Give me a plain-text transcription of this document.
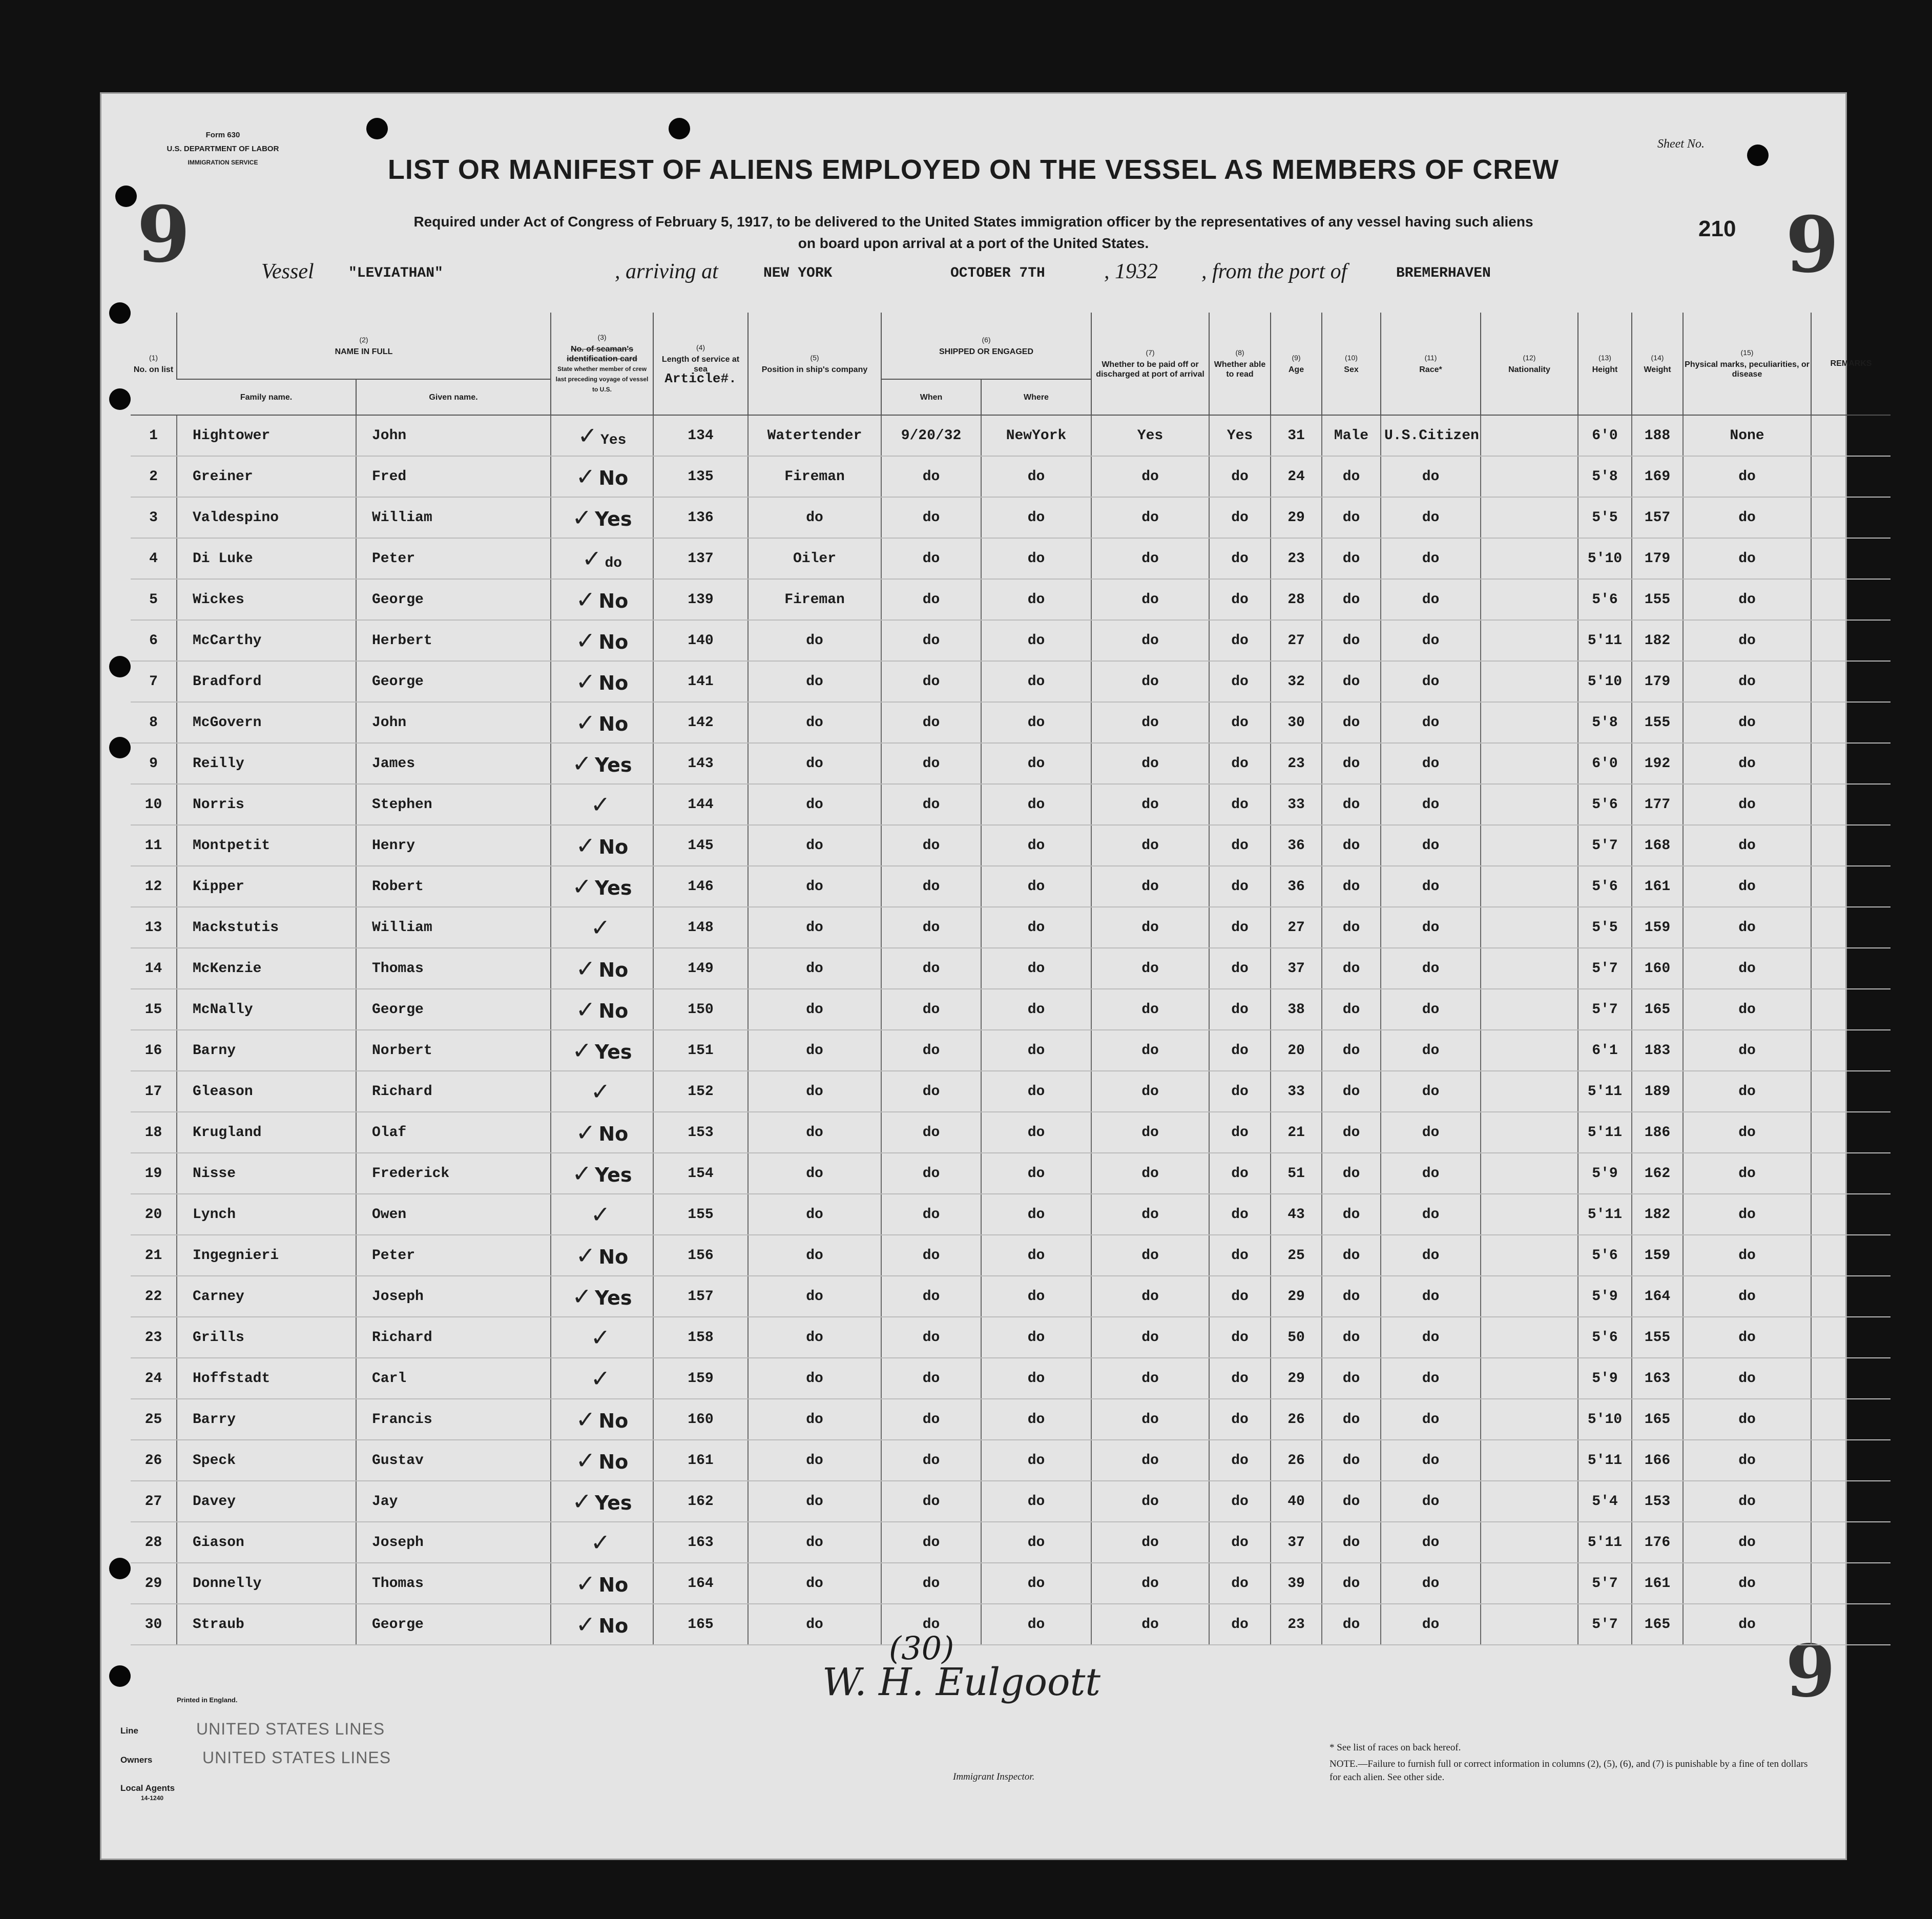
Form 630
U.S. DEPARTMENT OF LABOR
IMMIGRATION SERVICE
9	9
9
Sheet No.
210
LIST OR MANIFEST OF ALIENS EMPLOYED ON THE VESSEL AS MEMBERS OF CREW
Required under Act of Congress of February 5, 1917, to be delivered to the United States immigration officer by the representatives of any vessel having such aliens
on board upon arrival at a port of the United States.
Vessel "LEVIATHAN"	, arriving at	NEW YORK	OCTOBER 7TH	, 1932 , from the port of	BREMERHAVEN
(1)
No. on list	(2)
NAME IN FULL		(3)
No. of seaman's identification card
State whether member of crew last preceding voyage of vessel to U.S.	(4)
Length of service at sea
Article#.	(5)
Position in ship's company	(6)
SHIPPED OR ENGAGED		(7)
Whether to be paid off or discharged at port of arrival	(8)
Whether able to read	(9)
Age	(10)
Sex	(11)
Race*	(12)
Nationality	(13)
Height	(14)
Weight	(15)
Physical marks, peculiarities, or disease	REMARKS
	Family name.	Given name.				When	Where										
1	Hightower	John	✓ Yes	134	Watertender	9/20/32	NewYork	Yes	Yes	31	Male	U.S.Citizen		6'0	188	None	
2	Greiner	Fred	✓ No	135	Fireman	do	do	do	do	24	do	do		5'8	169	do	
3	Valdespino	William	✓ Yes	136	do	do	do	do	do	29	do	do		5'5	157	do	
4	Di Luke	Peter	✓ do	137	Oiler	do	do	do	do	23	do	do		5'10	179	do	
5	Wickes	George	✓ No	139	Fireman	do	do	do	do	28	do	do		5'6	155	do	
6	McCarthy	Herbert	✓ No	140	do	do	do	do	do	27	do	do		5'11	182	do	
7	Bradford	George	✓ No	141	do	do	do	do	do	32	do	do		5'10	179	do	
8	McGovern	John	✓ No	142	do	do	do	do	do	30	do	do		5'8	155	do	
9	Reilly	James	✓ Yes	143	do	do	do	do	do	23	do	do		6'0	192	do	
10	Norris	Stephen	✓	144	do	do	do	do	do	33	do	do		5'6	177	do	
11	Montpetit	Henry	✓ No	145	do	do	do	do	do	36	do	do		5'7	168	do	
12	Kipper	Robert	✓ Yes	146	do	do	do	do	do	36	do	do		5'6	161	do	
13	Mackstutis	William	✓	148	do	do	do	do	do	27	do	do		5'5	159	do	
14	McKenzie	Thomas	✓ No	149	do	do	do	do	do	37	do	do		5'7	160	do	
15	McNally	George	✓ No	150	do	do	do	do	do	38	do	do		5'7	165	do	
16	Barny	Norbert	✓ Yes	151	do	do	do	do	do	20	do	do		6'1	183	do	
17	Gleason	Richard	✓	152	do	do	do	do	do	33	do	do		5'11	189	do	
18	Krugland	Olaf	✓ No	153	do	do	do	do	do	21	do	do		5'11	186	do	
19	Nisse	Frederick	✓ Yes	154	do	do	do	do	do	51	do	do		5'9	162	do	
20	Lynch	Owen	✓	155	do	do	do	do	do	43	do	do		5'11	182	do	
21	Ingegnieri	Peter	✓ No	156	do	do	do	do	do	25	do	do		5'6	159	do	
22	Carney	Joseph	✓ Yes	157	do	do	do	do	do	29	do	do		5'9	164	do	
23	Grills	Richard	✓	158	do	do	do	do	do	50	do	do		5'6	155	do	
24	Hoffstadt	Carl	✓	159	do	do	do	do	do	29	do	do		5'9	163	do	
25	Barry	Francis	✓ No	160	do	do	do	do	do	26	do	do		5'10	165	do	
26	Speck	Gustav	✓ No	161	do	do	do	do	do	26	do	do		5'11	166	do	
27	Davey	Jay	✓ Yes	162	do	do	do	do	do	40	do	do		5'4	153	do	
28	Giason	Joseph	✓	163	do	do	do	do	do	37	do	do		5'11	176	do	
29	Donnelly	Thomas	✓ No	164	do	do	do	do	do	39	do	do		5'7	161	do	
30	Straub	George	✓ No	165	do	do	do	do	do	23	do	do		5'7	165	do	
Printed in England.
(30)
Line	UNITED STATES LINES
Owners	UNITED STATES LINES
Local Agents
14-1240
W. H. Eulgoott
Immigrant Inspector.
* See list of races on back hereof.
NOTE.—Failure to furnish full or correct information in columns (2), (5), (6), and (7) is punishable by a fine of ten dollars for each alien. See other side.
